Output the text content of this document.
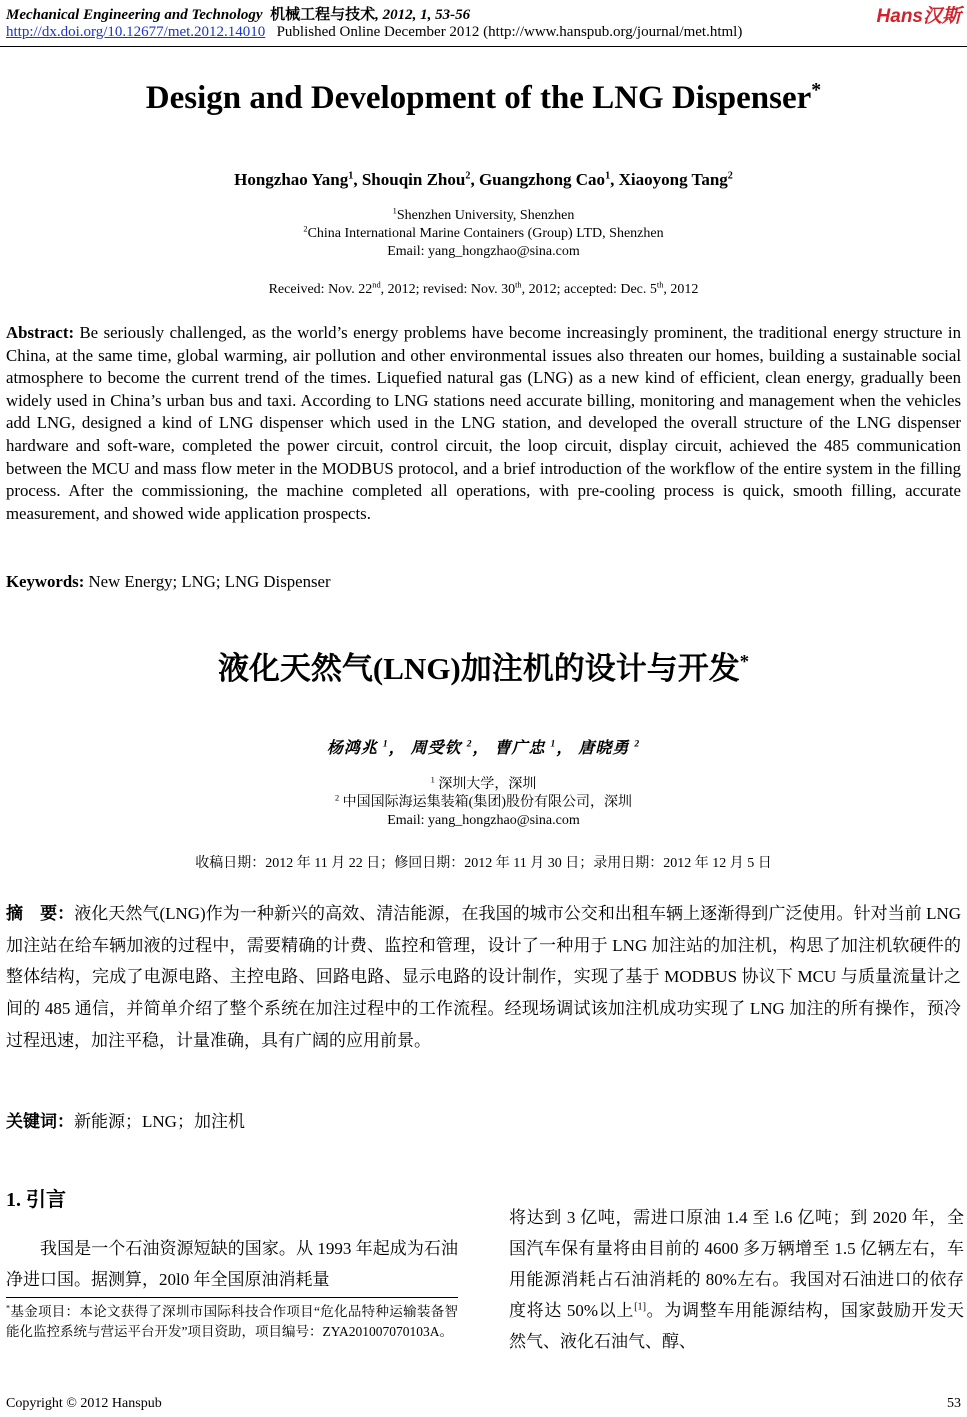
Mechanical Engineering and Technology 机械工程与技术, 2012, 1, 53-56	Hans汉斯
http://dx.doi.org/10.12677/met.2012.14010 Published Online December 2012 (http://www.hanspub.org/journal/met.html)
Design and Development of the LNG Dispenser*
Hongzhao Yang$^1$, Shouqin Zhou$^2$, Guangzhong Cao$^1$, Xiaoyong Tang$^2$
$^1$Shenzhen University, Shenzhen
$^2$China International Marine Containers (Group) LTD, Shenzhen
Email: yang_hongzhao@sina.com
Received: Nov. 22nd, 2012; revised: Nov. 30th, 2012; accepted: Dec. 5th, 2012
Abstract: Be seriously challenged, as the world’s energy problems have become increasingly prominent, the traditional energy structure in China, at the same time, global warming, air pollution and other environmental issues also threaten our homes, building a sustainable social atmosphere to become the current trend of the times. Liquefied natural gas (LNG) as a new kind of efficient, clean energy, gradually been widely used in China’s urban bus and taxi. According to LNG stations need accurate billing, monitoring and management when the vehicles add LNG, designed a kind of LNG dispenser which used in the LNG station, and developed the overall structure of the LNG dispenser hardware and soft-ware, completed the power circuit, control circuit, the loop circuit, display circuit, achieved the 485 communication between the MCU and mass flow meter in the MODBUS protocol, and a brief introduction of the workflow of the entire system in the filling process. After the commissioning, the machine completed all operations, with pre-cooling process is quick, smooth filling, accurate measurement, and showed wide application prospects.
Keywords: New Energy; LNG; LNG Dispenser
液化天然气(LNG)加注机的设计与开发*
杨鸿兆 $^1$， 周受钦 $^2$， 曹广忠 $^1$， 唐晓勇 $^2$
$^1$ 深圳大学，深圳
$^2$ 中国国际海运集装箱(集团)股份有限公司，深圳
Email: yang_hongzhao@sina.com
收稿日期：2012 年 11 月 22 日；修回日期：2012 年 11 月 30 日；录用日期：2012 年 12 月 5 日
摘　要：液化天然气(LNG)作为一种新兴的高效、清洁能源，在我国的城市公交和出租车辆上逐渐得到广泛使用。针对当前 LNG 加注站在给车辆加液的过程中，需要精确的计费、监控和管理，设计了一种用于 LNG 加注站的加注机，构思了加注机软硬件的整体结构，完成了电源电路、主控电路、回路电路、显示电路的设计制作，实现了基于 MODBUS 协议下 MCU 与质量流量计之间的 485 通信，并简单介绍了整个系统在加注过程中的工作流程。经现场调试该加注机成功实现了 LNG 加注的所有操作，预冷过程迅速，加注平稳，计量准确，具有广阔的应用前景。
关键词：新能源；LNG；加注机
1. 引言
我国是一个石油资源短缺的国家。从 1993 年起成为石油净进口国。据测算，20l0 年全国原油消耗量
*基金项目：本论文获得了深圳市国际科技合作项目“危化品特种运输装备智能化监控系统与营运平台开发”项目资助，项目编号：ZYA201007070103A。
将达到 3 亿吨，需进口原油 1.4 至 l.6 亿吨；到 2020 年，全国汽车保有量将由目前的 4600 多万辆增至 1.5 亿辆左右，车用能源消耗占石油消耗的 80%左右。我国对石油进口的依存度将达 50%以上[1]。为调整车用能源结构，国家鼓励开发天然气、液化石油气、醇、
Copyright © 2012 Hanspub	53
